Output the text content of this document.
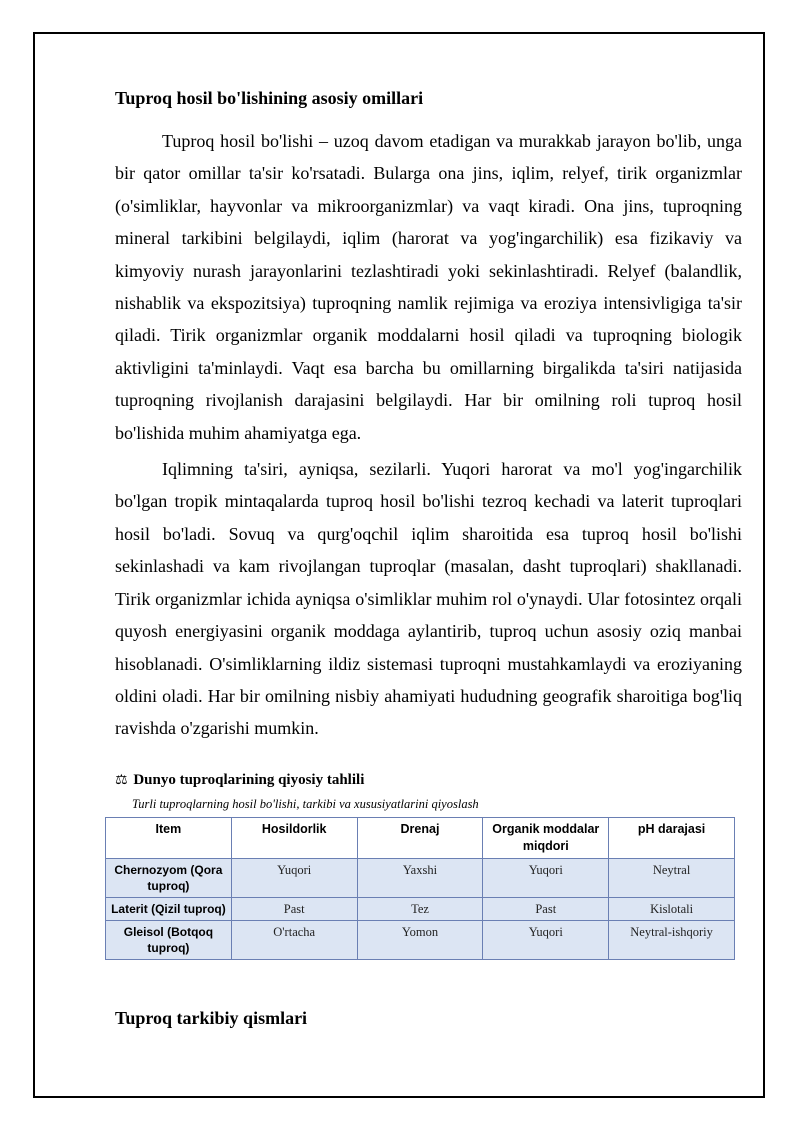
Tuproq hosil bo'lishining asosiy omillari

Tuproq hosil bo'lishi – uzoq davom etadigan va murakkab jarayon bo'lib, unga bir qator omillar ta'sir ko'rsatadi. Bularga ona jins, iqlim, relyef, tirik organizmlar (o'simliklar, hayvonlar va mikroorganizmlar) va vaqt kiradi. Ona jins, tuproqning mineral tarkibini belgilaydi, iqlim (harorat va yog'ingarchilik) esa fizikaviy va kimyoviy nurash jarayonlarini tezlashtiradi yoki sekinlashtiradi. Relyef (balandlik, nishablik va ekspozitsiya) tuproqning namlik rejimiga va eroziya intensivligiga ta'sir qiladi. Tirik organizmlar organik moddalarni hosil qiladi va tuproqning biologik aktivligini ta'minlaydi. Vaqt esa barcha bu omillarning birgalikda ta'siri natijasida tuproqning rivojlanish darajasini belgilaydi. Har bir omilning roli tuproq hosil bo'lishida muhim ahamiyatga ega.

Iqlimning ta'siri, ayniqsa, sezilarli. Yuqori harorat va mo'l yog'ingarchilik bo'lgan tropik mintaqalarda tuproq hosil bo'lishi tezroq kechadi va laterit tuproqlari hosil bo'ladi. Sovuq va qurg'oqchil iqlim sharoitida esa tuproq hosil bo'lishi sekinlashadi va kam rivojlangan tuproqlar (masalan, dasht tuproqlari) shakllanadi. Tirik organizmlar ichida ayniqsa o'simliklar muhim rol o'ynaydi. Ular fotosintez orqali quyosh energiyasini organik moddaga aylantirib, tuproq uchun asosiy oziq manbai hisoblanadi. O'simliklarning ildiz sistemasi tuproqni mustahkamlaydi va eroziyaning oldini oladi. Har bir omilning nisbiy ahamiyati hududning geografik sharoitiga bog'liq ravishda o'zgarishi mumkin.

⚖ Dunyo tuproqlarining qiyosiy tahlili
Turli tuproqlarning hosil bo'lishi, tarkibi va xususiyatlarini qiyoslash
Item	Hosildorlik	Drenaj	Organik moddalar miqdori	pH darajasi
Chernozyom (Qora tuproq)	Yuqori	Yaxshi	Yuqori	Neytral
Laterit (Qizil tuproq)	Past	Tez	Past	Kislotali
Gleisol (Botqoq tuproq)	O'rtacha	Yomon	Yuqori	Neytral-ishqoriy
Tuproq tarkibiy qismlari
